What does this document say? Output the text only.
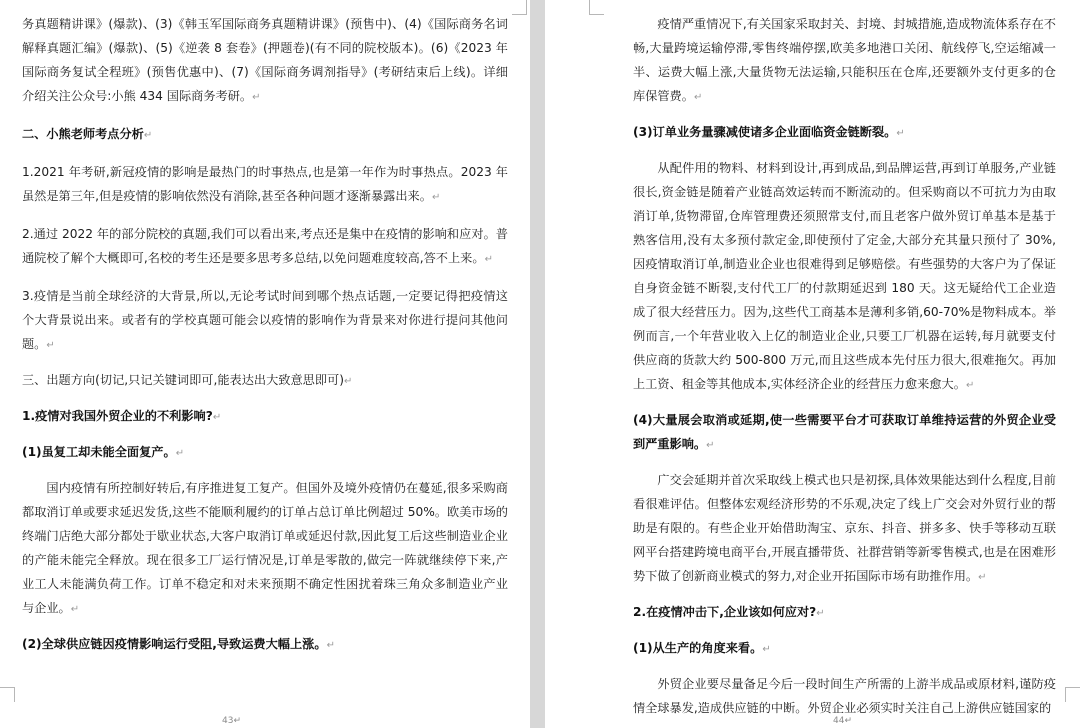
务真题精讲课》(爆款)、(3)《韩玉军国际商务真题精讲课》(预售中)、(4)《国际商务名词解释真题汇编》(爆款)、(5)《逆袭 8 套卷》(押题卷)(有不同的院校版本)。(6)《2023 年国际商务复试全程班》(预售优惠中)、(7)《国际商务调剂指导》(考研结束后上线)。详细介绍关注公众号:小熊 434 国际商务考研。↵

二、小熊老师考点分析↵

1.2021 年考研,新冠疫情的影响是最热门的时事热点,也是第一年作为时事热点。2023 年虽然是第三年,但是疫情的影响依然没有消除,甚至各种问题才逐渐暴露出来。↵

2.通过 2022 年的部分院校的真题,我们可以看出来,考点还是集中在疫情的影响和应对。普通院校了解个大概即可,名校的考生还是要多思考多总结,以免问题难度较高,答不上来。↵

3.疫情是当前全球经济的大背景,所以,无论考试时间到哪个热点话题,一定要记得把疫情这个大背景说出来。或者有的学校真题可能会以疫情的影响作为背景来对你进行提问其他问题。↵

三、出题方向(切记,只记关键词即可,能表达出大致意思即可)↵

1.疫情对我国外贸企业的不利影响?↵

(1)虽复工却未能全面复产。↵

国内疫情有所控制好转后,有序推进复工复产。但国外及境外疫情仍在蔓延,很多采购商都取消订单或要求延迟发货,这些不能顺利履约的订单占总订单比例超过 50%。欧美市场的终端门店绝大部分都处于歇业状态,大客户取消订单或延迟付款,因此复工后这些制造业企业的产能未能完全释放。现在很多工厂运行情况是,订单是零散的,做完一阵就继续停下来,产业工人未能满负荷工作。订单不稳定和对未来预期不确定性困扰着珠三角众多制造业产业与企业。↵

(2)全球供应链因疫情影响运行受阻,导致运费大幅上涨。↵

43↵

疫情严重情况下,有关国家采取封关、封境、封城措施,造成物流体系存在不畅,大量跨境运输停滞,零售终端停摆,欧美多地港口关闭、航线停飞,空运缩减一半、运费大幅上涨,大量货物无法运输,只能积压在仓库,还要额外支付更多的仓库保管费。↵

(3)订单业务量骤减使诸多企业面临资金链断裂。↵

从配件用的物料、材料到设计,再到成品,到品牌运营,再到订单服务,产业链很长,资金链是随着产业链高效运转而不断流动的。但采购商以不可抗力为由取消订单,货物滞留,仓库管理费还须照常支付,而且老客户做外贸订单基本是基于熟客信用,没有太多预付款定金,即使预付了定金,大部分充其量只预付了 30%,因疫情取消订单,制造业企业也很难得到足够赔偿。有些强势的大客户为了保证自身资金链不断裂,支付代工厂的付款期延迟到 180 天。这无疑给代工企业造成了很大经营压力。因为,这些代工商基本是薄利多销,60-70%是物料成本。举例而言,一个年营业收入上亿的制造业企业,只要工厂机器在运转,每月就要支付供应商的货款大约 500-800 万元,而且这些成本先付压力很大,很难拖欠。再加上工资、租金等其他成本,实体经济企业的经营压力愈来愈大。↵

(4)大量展会取消或延期,使一些需要平台才可获取订单维持运营的外贸企业受到严重影响。↵

广交会延期并首次采取线上模式也只是初探,具体效果能达到什么程度,目前看很难评估。但整体宏观经济形势的不乐观,决定了线上广交会对外贸行业的帮助是有限的。有些企业开始借助淘宝、京东、抖音、拼多多、快手等移动互联网平台搭建跨境电商平台,开展直播带货、社群营销等新零售模式,也是在困难形势下做了创新商业模式的努力,对企业开拓国际市场有助推作用。↵

2.在疫情冲击下,企业该如何应对?↵

(1)从生产的角度来看。↵

外贸企业要尽量备足今后一段时间生产所需的上游半成品或原材料,谨防疫情全球暴发,造成供应链的中断。外贸企业必须实时关注自己上游供应链国家的

44↵
